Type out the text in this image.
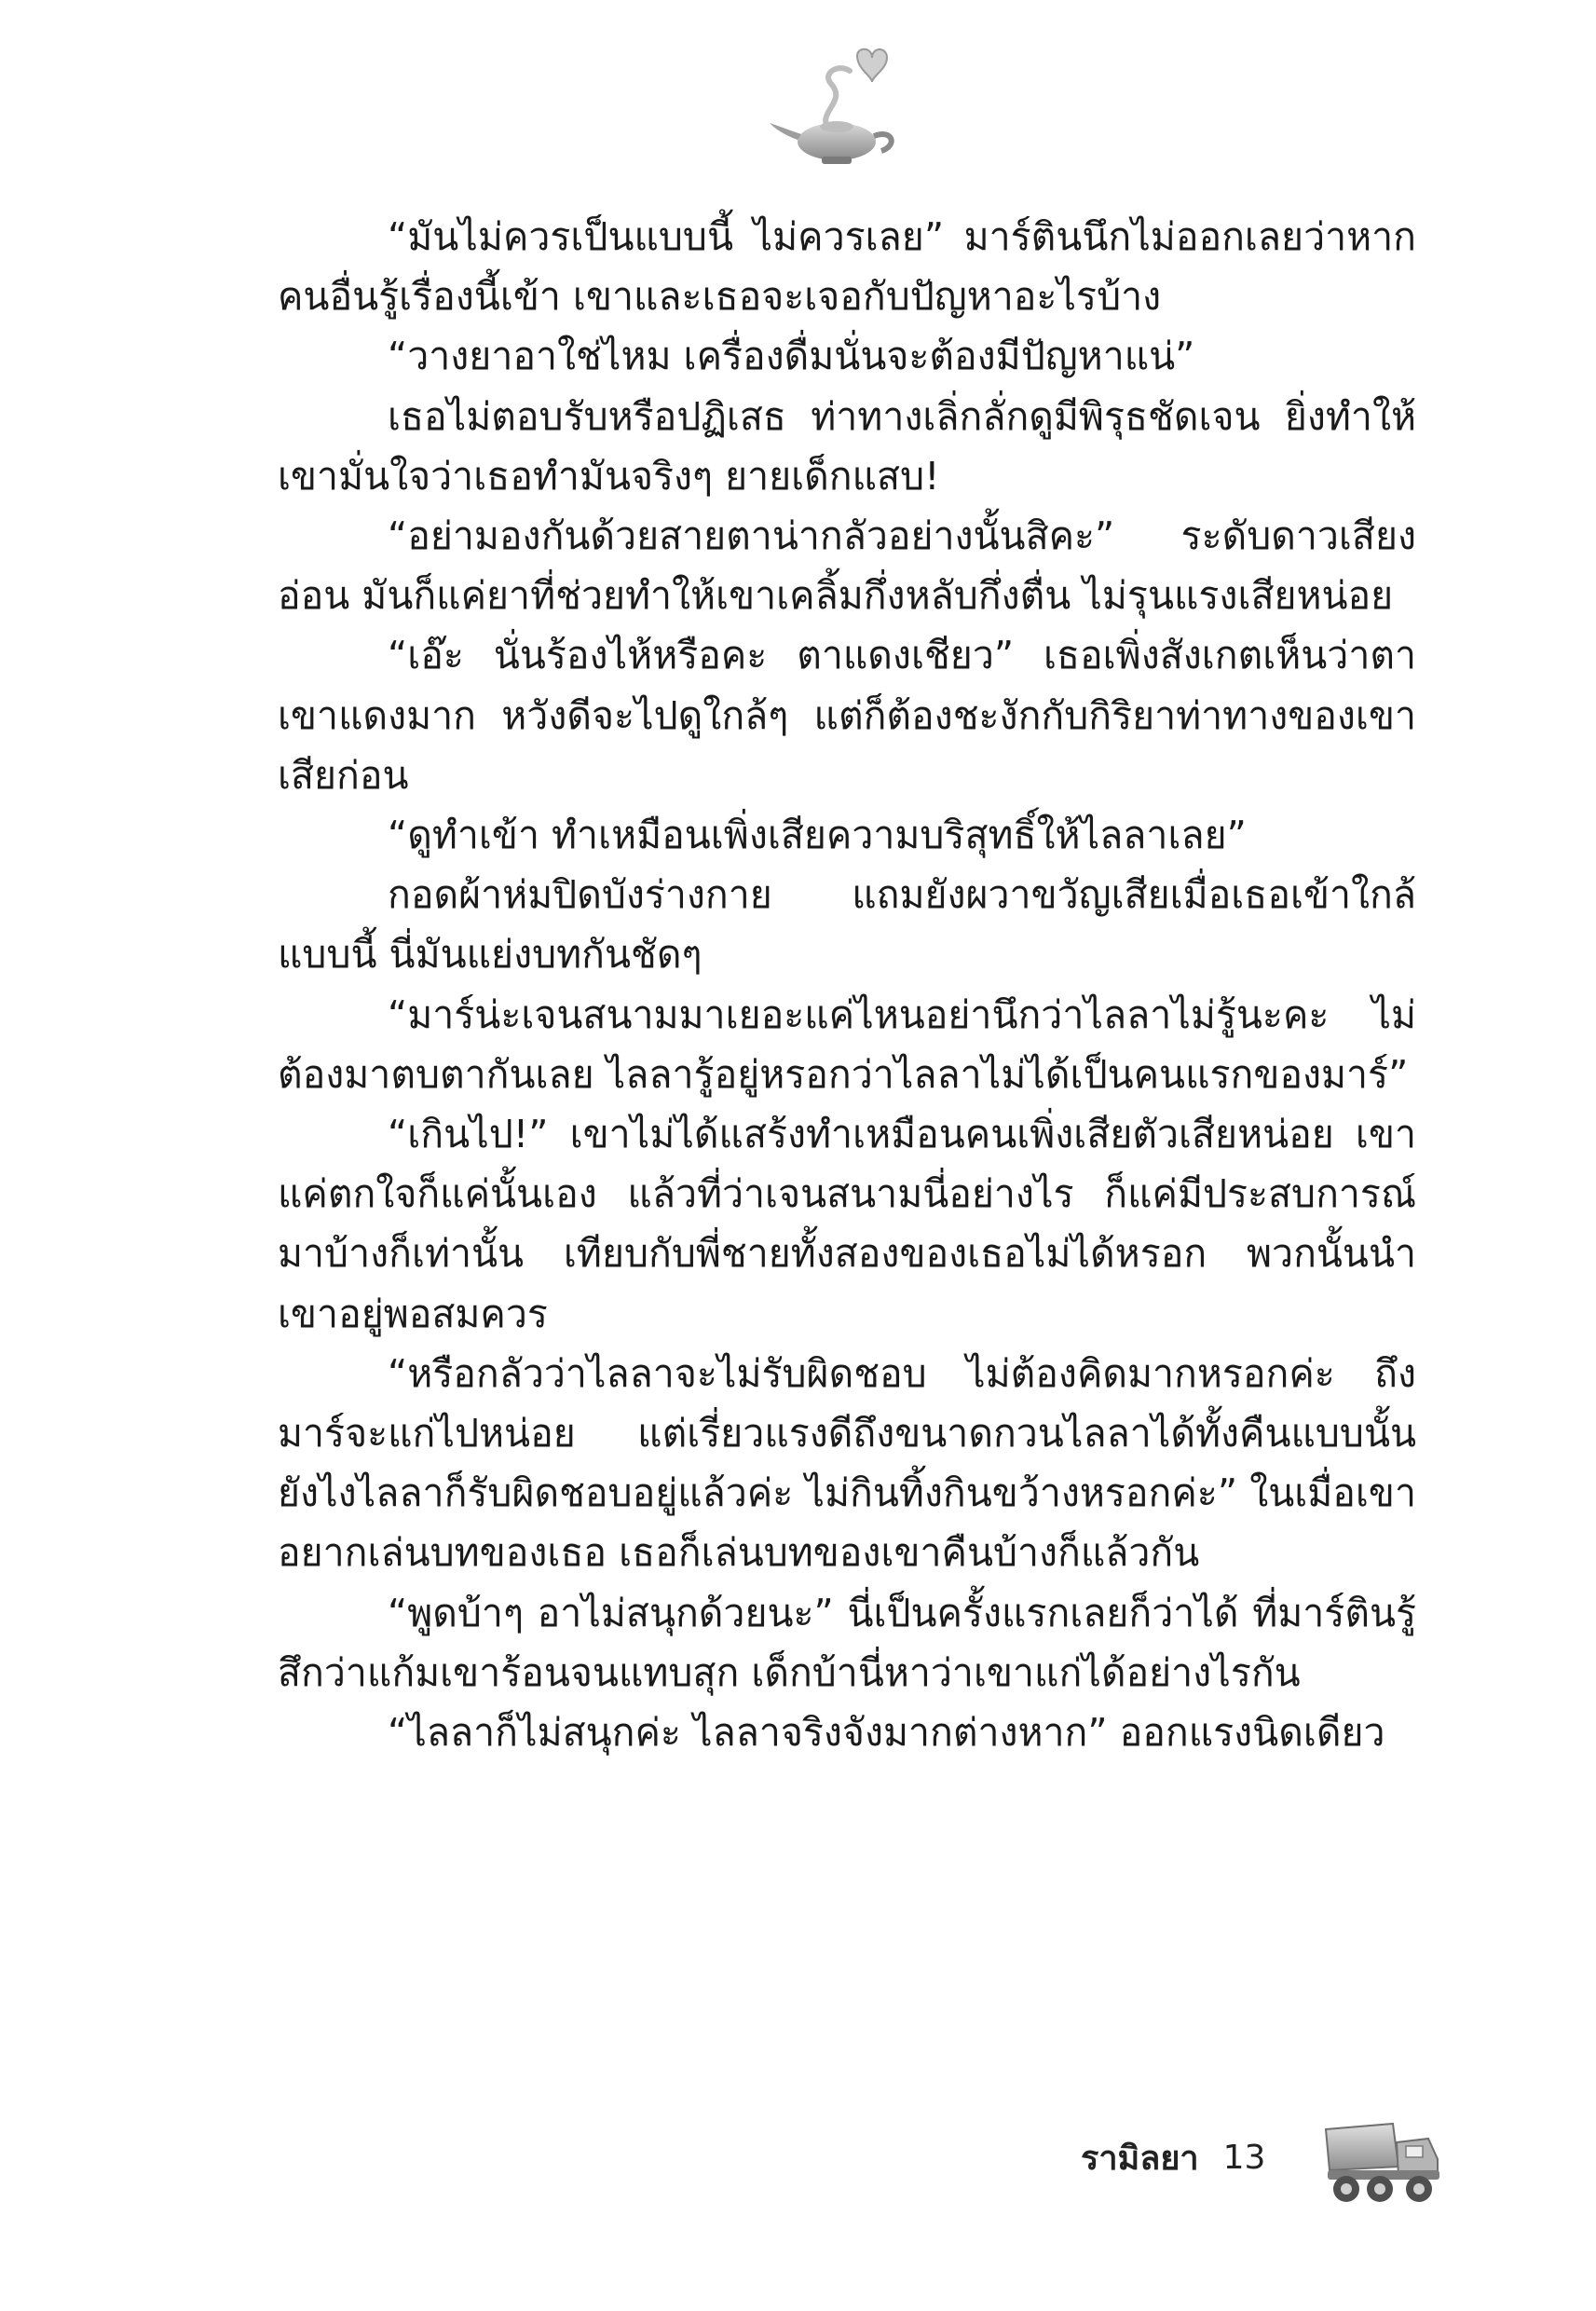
“มันไม่ควรเป็นแบบนี้ ไม่ควรเลย” มาร์ตินนึกไม่ออกเลยว่าหากคนอื่นรู้เรื่องนี้เข้า เขาและเธอจะเจอกับปัญหาอะไรบ้าง

“วางยาอาใช่ไหม เครื่องดื่มนั่นจะต้องมีปัญหาแน่”

เธอไม่ตอบรับหรือปฏิเสธ ท่าทางเลิ่กลั่กดูมีพิรุธชัดเจน ยิ่งทำให้เขามั่นใจว่าเธอทำมันจริงๆ ยายเด็กแสบ!

“อย่ามองกันด้วยสายตาน่ากลัวอย่างนั้นสิคะ” ระดับดาวเสียงอ่อน มันก็แค่ยาที่ช่วยทำให้เขาเคลิ้มกึ่งหลับกึ่งตื่น ไม่รุนแรงเสียหน่อย

“เอ๊ะ นั่นร้องไห้หรือคะ ตาแดงเชียว” เธอเพิ่งสังเกตเห็นว่าตาเขาแดงมาก หวังดีจะไปดูใกล้ๆ แต่ก็ต้องชะงักกับกิริยาท่าทางของเขาเสียก่อน

“ดูทำเข้า ทำเหมือนเพิ่งเสียความบริสุทธิ์ให้ไลลาเลย”

กอดผ้าห่มปิดบังร่างกาย แถมยังผวาขวัญเสียเมื่อเธอเข้าใกล้แบบนี้ นี่มันแย่งบทกันชัดๆ

“มาร์น่ะเจนสนามมาเยอะแค่ไหนอย่านึกว่าไลลาไม่รู้นะคะ ไม่ต้องมาตบตากันเลย ไลลารู้อยู่หรอกว่าไลลาไม่ได้เป็นคนแรกของมาร์”

“เกินไป!” เขาไม่ได้แสร้งทำเหมือนคนเพิ่งเสียตัวเสียหน่อย เขาแค่ตกใจก็แค่นั้นเอง แล้วที่ว่าเจนสนามนี่อย่างไร ก็แค่มีประสบการณ์มาบ้างก็เท่านั้น เทียบกับพี่ชายทั้งสองของเธอไม่ได้หรอก พวกนั้นนำเขาอยู่พอสมควร

“หรือกลัวว่าไลลาจะไม่รับผิดชอบ ไม่ต้องคิดมากหรอกค่ะ ถึงมาร์จะแก่ไปหน่อย แต่เรี่ยวแรงดีถึงขนาดกวนไลลาได้ทั้งคืนแบบนั้น ยังไงไลลาก็รับผิดชอบอยู่แล้วค่ะ ไม่กินทิ้งกินขว้างหรอกค่ะ” ในเมื่อเขาอยากเล่นบทของเธอ เธอก็เล่นบทของเขาคืนบ้างก็แล้วกัน

“พูดบ้าๆ อาไม่สนุกด้วยนะ” นี่เป็นครั้งแรกเลยก็ว่าได้ ที่มาร์ตินรู้สึกว่าแก้มเขาร้อนจนแทบสุก เด็กบ้านี่หาว่าเขาแก่ได้อย่างไรกัน

“ไลลาก็ไม่สนุกค่ะ ไลลาจริงจังมากต่างหาก” ออกแรงนิดเดียว

รามิลยา 13
